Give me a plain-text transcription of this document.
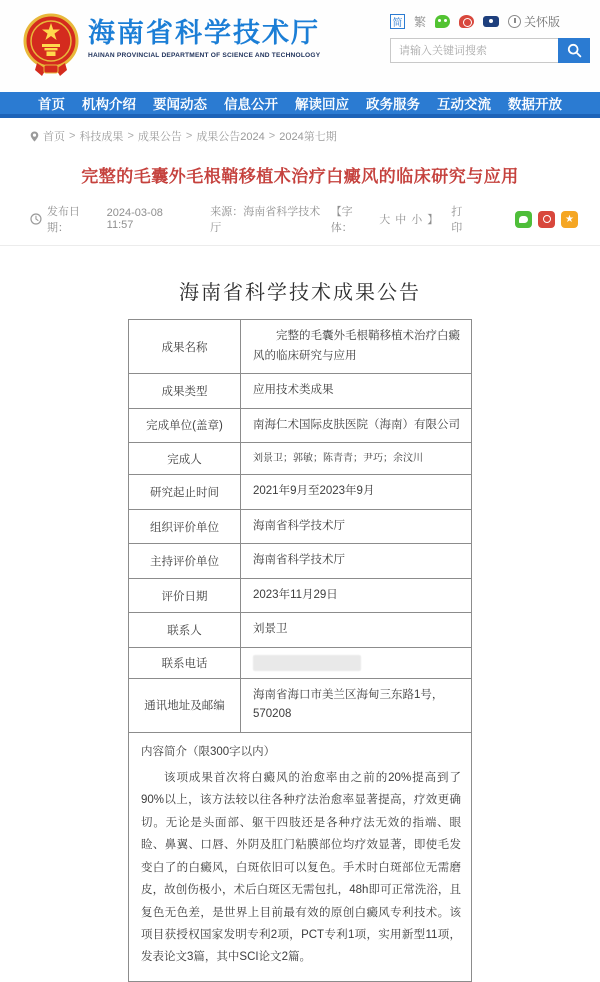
海南省科学技术厅
HAINAN PROVINCIAL DEPARTMENT OF SCIENCE AND TECHNOLOGY
简 繁	关怀版
请输入关键词搜索
首页 机构介绍 要闻动态 信息公开 解读回应 政务服务 互动交流 数据开放
首页 > 科技成果 > 成果公告 > 成果公告2024 > 2024第七期
完整的毛囊外毛根鞘移植术治疗白癜风的临床研究与应用
发布日期：
2024-03-08 11:57
来源：海南省科学技术厅
【字体：
大 中 小 】
打印
★
海南省科学技术成果公告
成果名称	完整的毛囊外毛根鞘移植术治疗白癜风的临床研究与应用
成果类型	应用技术类成果
完成单位(盖章)	南海仁术国际皮肤医院（海南）有限公司
完成人	刘景卫；郭敏；陈青青；尹巧；余汶川
研究起止时间	2021年9月至2023年9月
组织评价单位	海南省科学技术厅
主持评价单位	海南省科学技术厅
评价日期	2023年11月29日
联系人	刘景卫
联系电话	

通讯地址及邮编	海南省海口市美兰区海甸三东路1号，570208

内容简介（限300字以内）
该项成果首次将白癜风的治愈率由之前的20%提高到了90%以上，该方法较以往各种疗法治愈率显著提高，疗效更确切。无论是头面部、躯干四肢还是各种疗法无效的指端、眼睑、鼻翼、口唇、外阴及肛门粘膜部位均疗效显著，即使毛发变白了的白癜风，白斑依旧可以复色。手术时白斑部位无需磨皮，故创伤极小，术后白斑区无需包扎，48h即可正常洗浴，且复色无色差，是世界上目前最有效的原创白癜风专利技术。该项目获授权国家发明专利2项，PCT专利1项，实用新型11项，发表论文3篇，其中SCI论文2篇。	
